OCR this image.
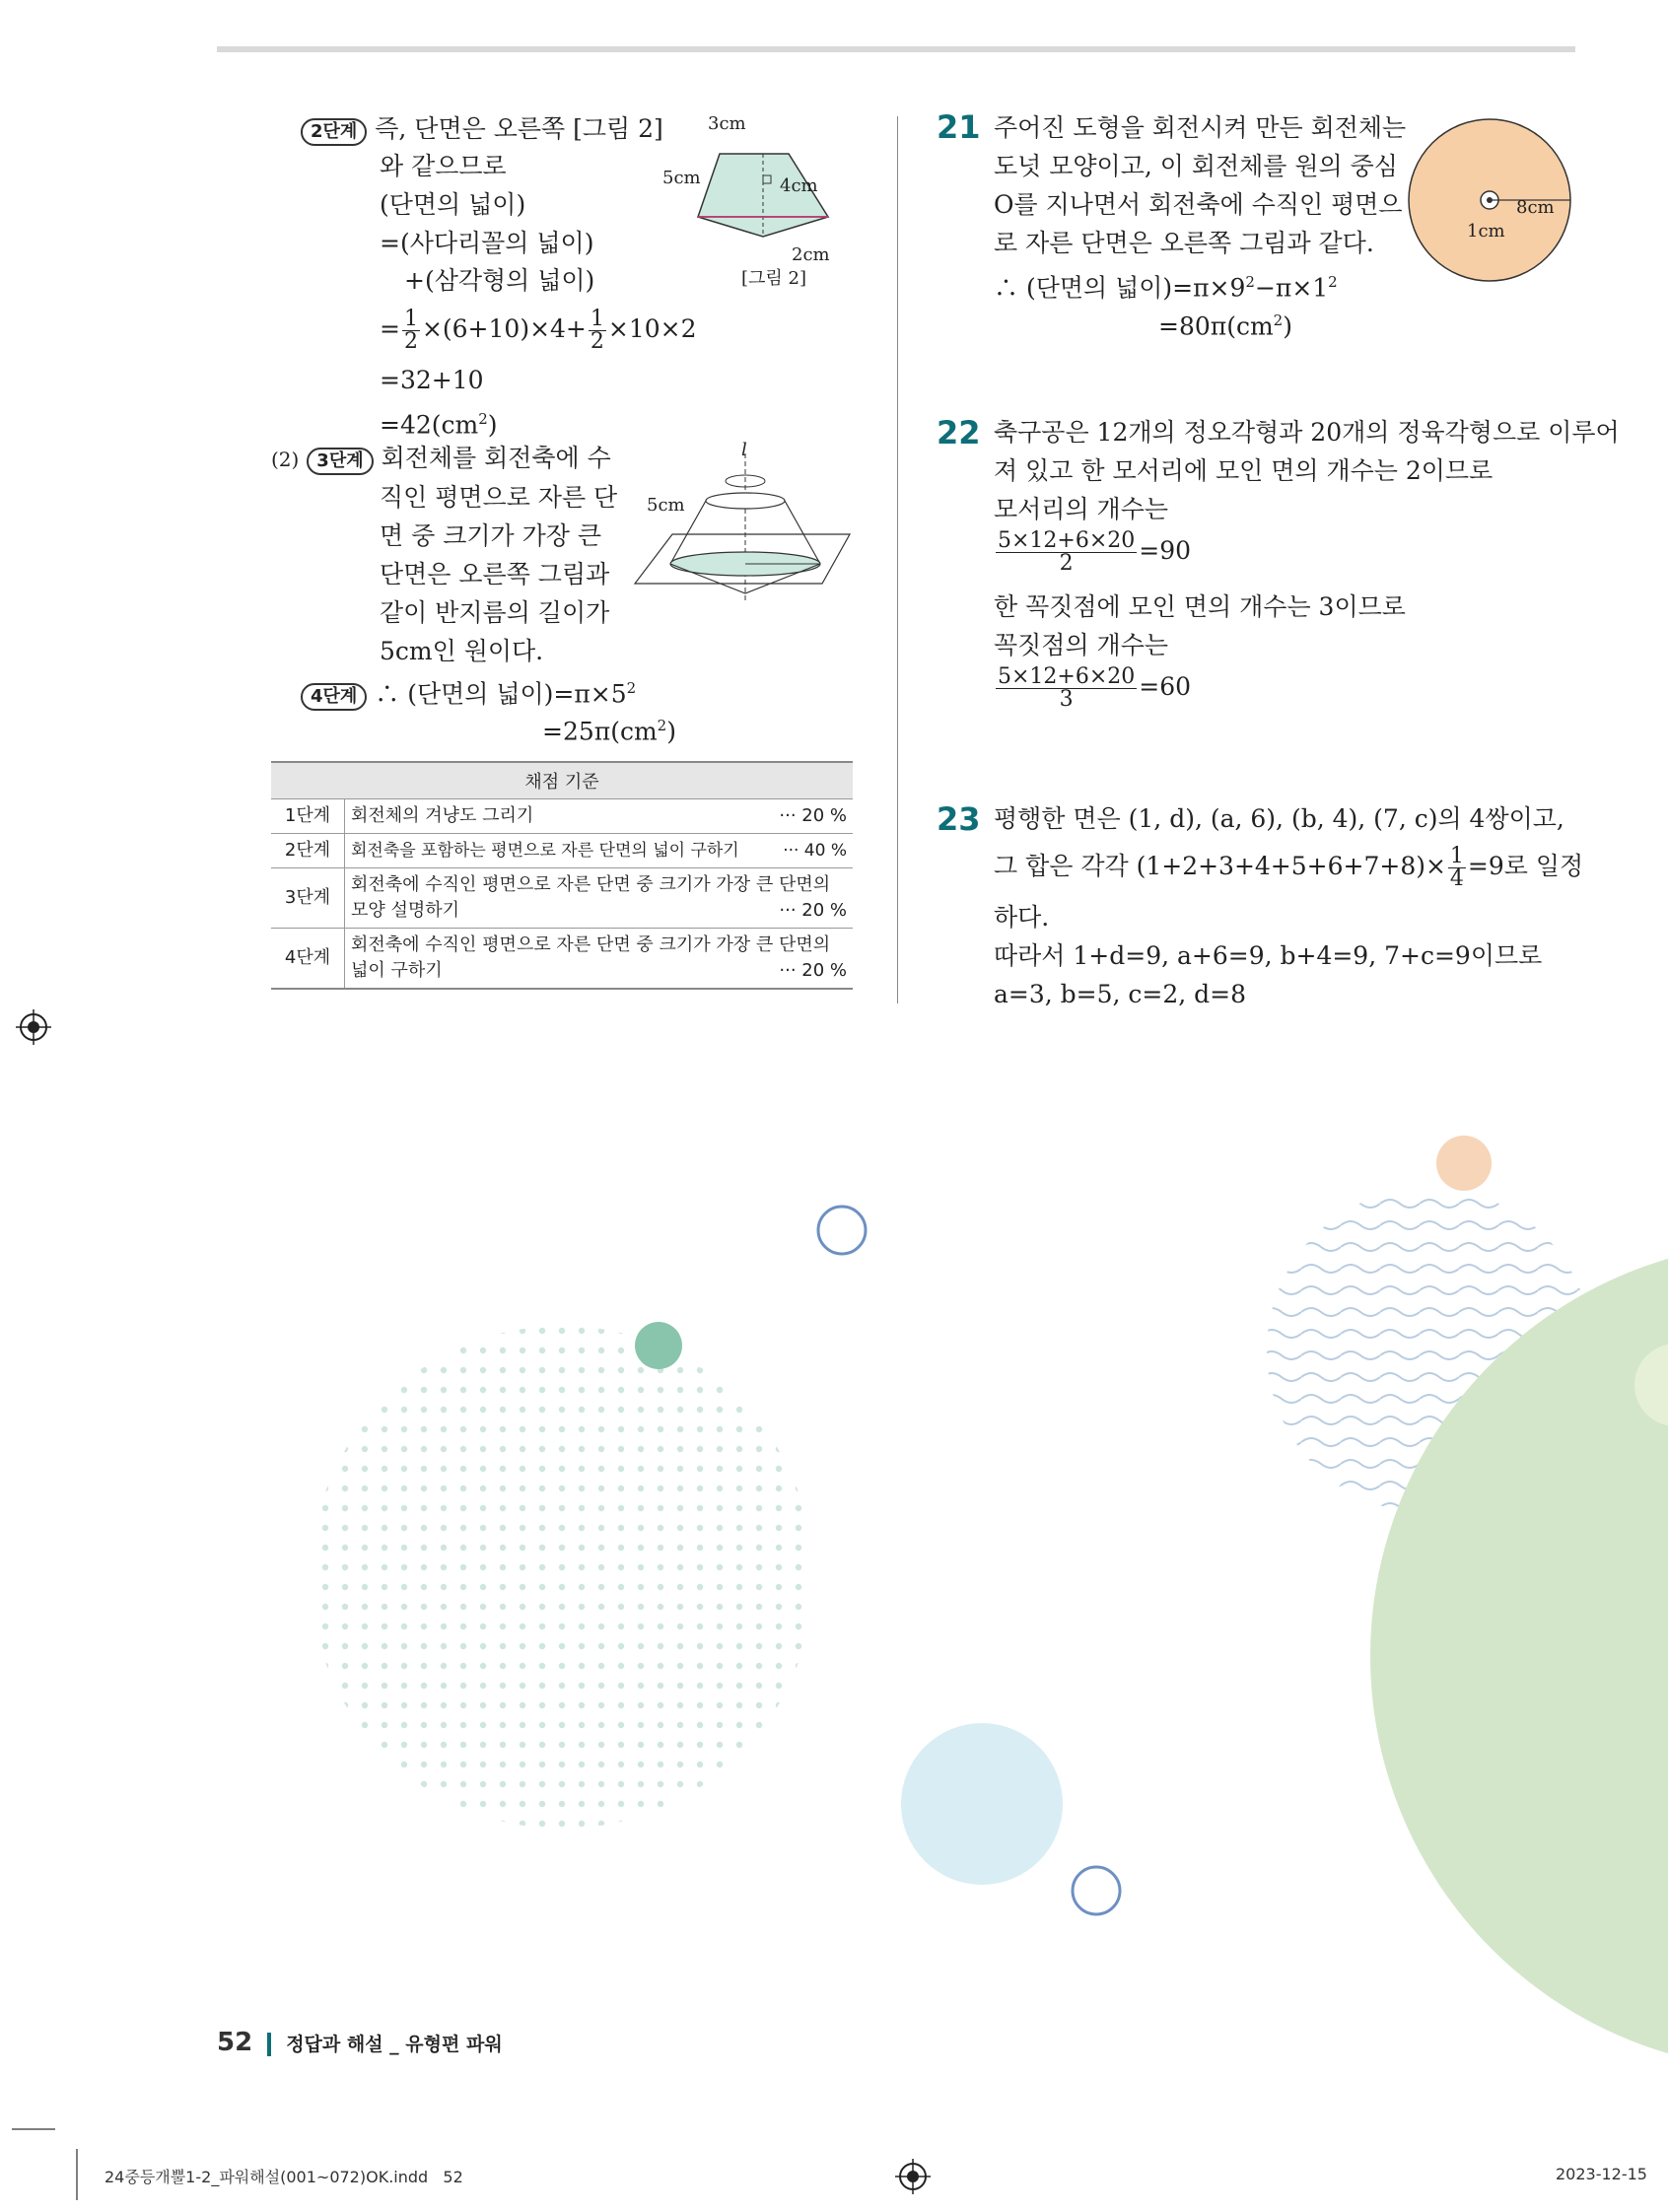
2단계 즉, 단면은 오른쪽 [그림 2]
와 같으므로
(단면의 넓이)
=(사다리꼴의 넓이)
+(삼각형의 넓이)
= $\frac{1}{2} \times(6+10)\times 4+ \frac{1}{2} \times 10\times 2$
=32+10
$=42(cm^2)$
3cm
5cm	4cm
2cm
[그림 2]
(2) 3단계 회전체를 회전축에 수
직인 평면으로 자른 단
면 중 크기가 가장 큰
단면은 오른쪽 그림과
같이 반지름의 길이가
5cm인 원이다.
l
5cm
4단계 ∴ (단면의 넓이)$=\pi\times 5^2$
$=25\pi(cm^2)$
채점 기준	
1단계	회전체의 겨냥도 그리기 ··· 20 %

2단계	회전축을 포함하는 평면으로 자른 단면의 넓이 구하기 ··· 40 %

3단계	회전축에 수직인 평면으로 자른 단면 중 크기가 가장 큰 단면의 모양 설명하기 ··· 20 %

4단계	회전축에 수직인 평면으로 자른 단면 중 크기가 가장 큰 단면의 넓이 구하기 ··· 20 %
21 주어진 도형을 회전시켜 만든 회전체는
도넛 모양이고, 이 회전체를 원의 중심
O를 지나면서 회전축에 수직인 평면으
로 자른 단면은 오른쪽 그림과 같다.
∴ (단면의 넓이)$=\pi\times 9^2-\pi\times 1^2$
$=80\pi(cm^2)$
8cm
1cm
22 축구공은 12개의 정오각형과 20개의 정육각형으로 이루어
져 있고 한 모서리에 모인 면의 개수는 2이므로
모서리의 개수는
$\frac{5\times 12+6\times 20}{2} =90$
한 꼭짓점에 모인 면의 개수는 3이므로
꼭짓점의 개수는
$\frac{5\times 12+6\times 20}{3} =60$
23 평행한 면은 (1, d), (a, 6), (b, 4), (7, c)의 4쌍이고,
그 합은 각각 $(1+2+3+4+5+6+7+8)\times \frac{1}{4} =9$로 일정
하다.
따라서 1+d=9, a+6=9, b+4=9, 7+c=9이므로
a=3, b=5, c=2, d=8
52 정답과 해설 _ 유형편 파워
24중등개뿔1-2_파워해설(001~072)OK.indd   52	2023-12-15
